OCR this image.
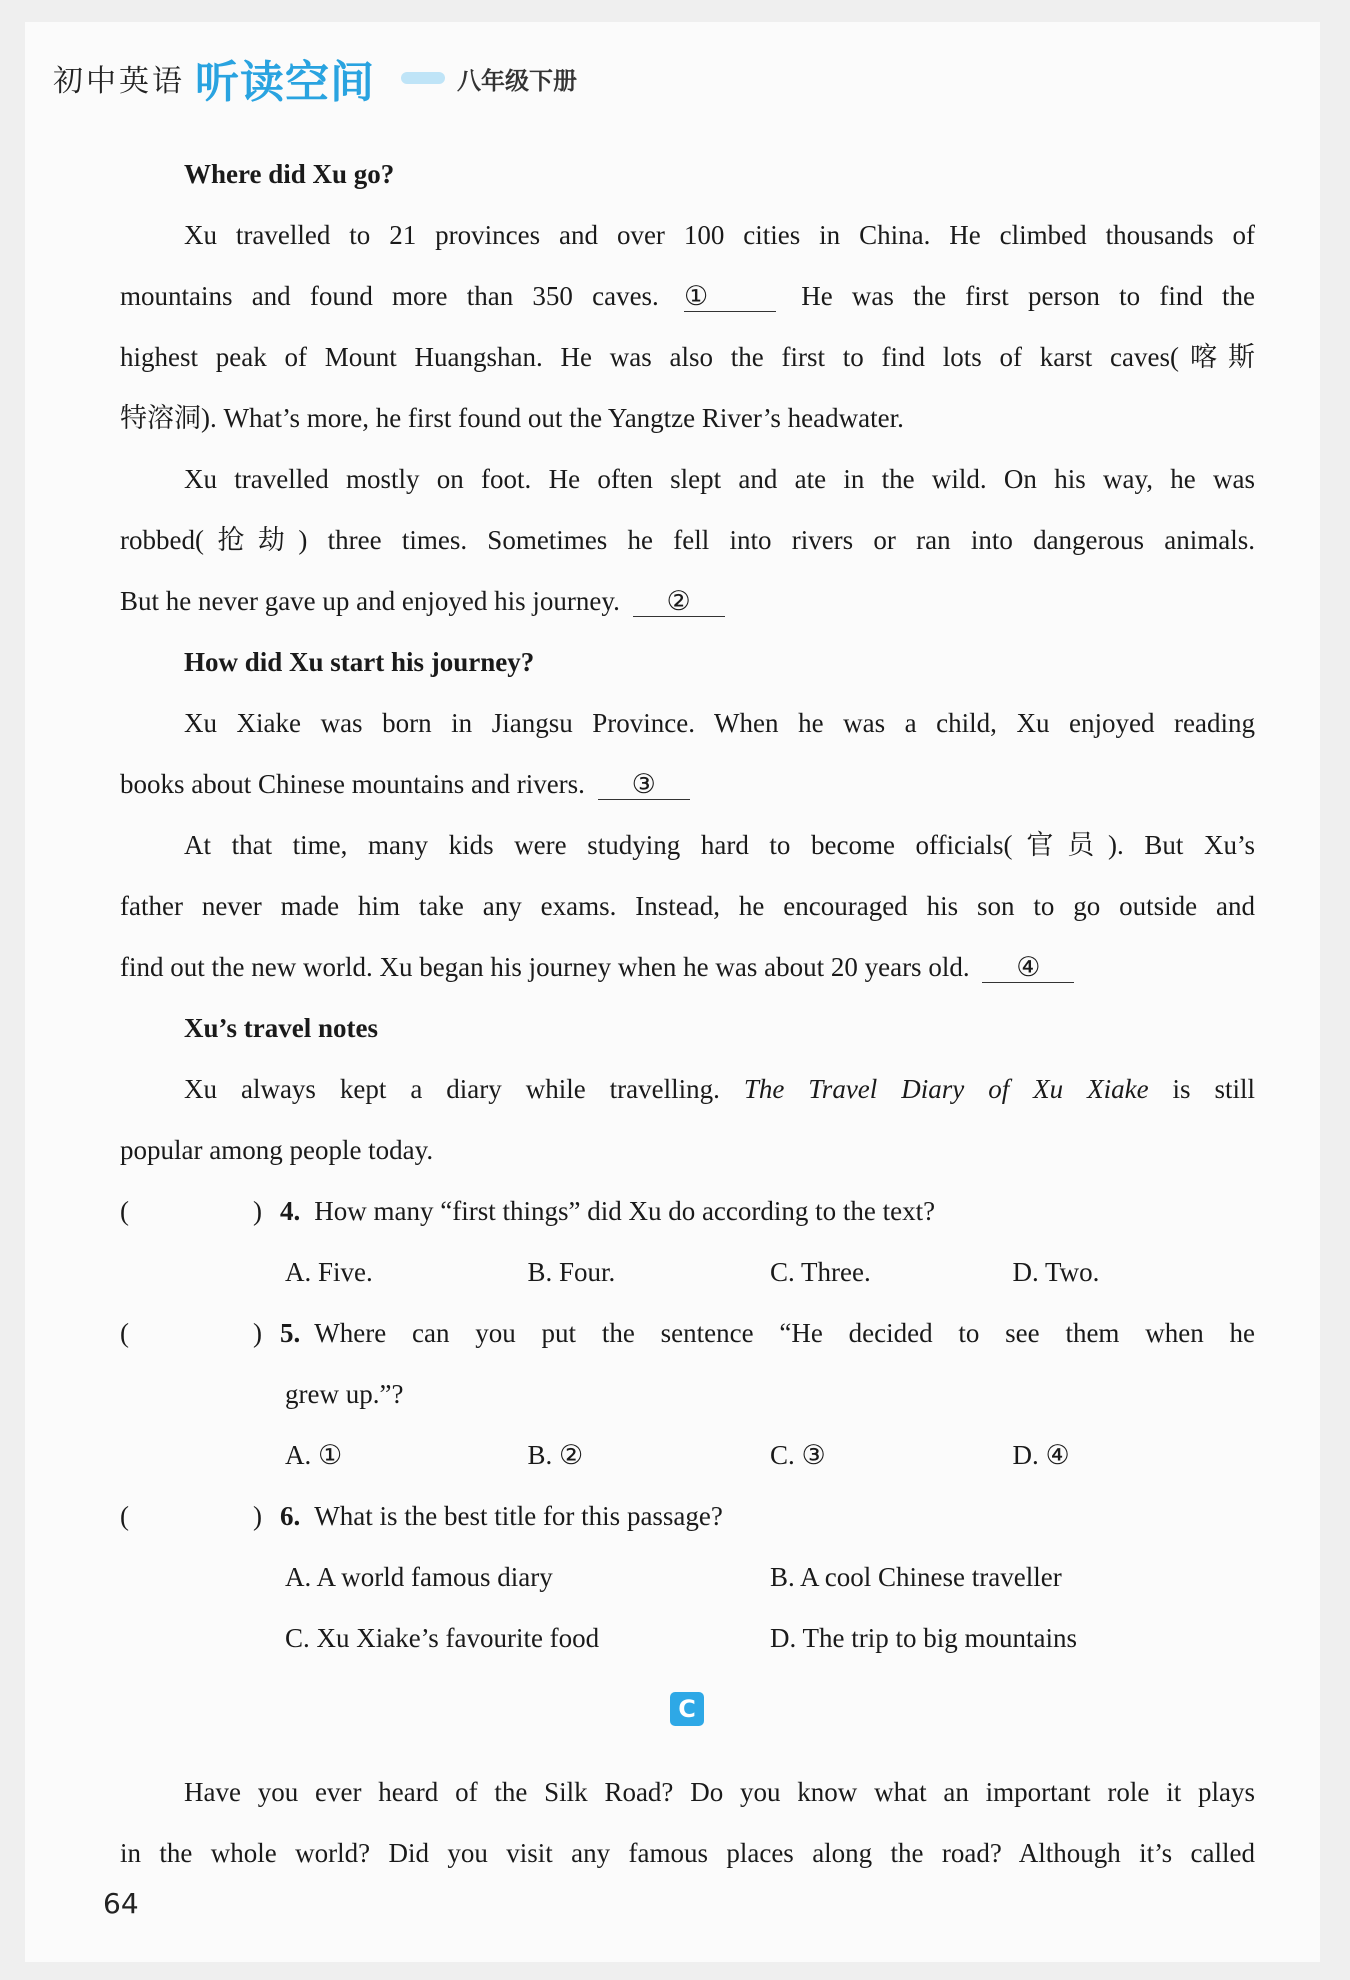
初中英语 听读空间	八年级下册
Where did Xu go?
Xu travelled to 21 provinces and over 100 cities in China. He climbed thousands of
mountains and found more than 350 caves. ①	He was the first person to find the
highest peak of Mount Huangshan. He was also the first to find lots of karst caves(喀斯
特溶洞). What’s more, he first found out the Yangtze River’s headwater.
Xu travelled mostly on foot. He often slept and ate in the wild. On his way, he was
robbed(抢劫) three times. Sometimes he fell into rivers or ran into dangerous animals.
But he never gave up and enjoyed his journey. ②
How did Xu start his journey?
Xu Xiake was born in Jiangsu Province. When he was a child, Xu enjoyed reading
books about Chinese mountains and rivers. ③
At that time, many kids were studying hard to become officials(官员). But Xu’s
father never made him take any exams. Instead, he encouraged his son to go outside and
find out the new world. Xu began his journey when he was about 20 years old. ④
Xu’s travel notes
Xu always kept a diary while travelling. The Travel Diary of Xu Xiake is still
popular among people today.
(	) 4. How many “first things” did Xu do according to the text?
A. Five.	B. Four.	C. Three.	D. Two.
(	) 5. Where can you put the sentence “He decided to see them when he
grew up.”?
A. ①	B. ②	C. ③	D. ④
(	) 6. What is the best title for this passage?
A. A world famous diary	B. A cool Chinese traveller
C. Xu Xiake’s favourite food	D. The trip to big mountains
C
Have you ever heard of the Silk Road? Do you know what an important role it plays
in the whole world? Did you visit any famous places along the road? Although it’s called
64
